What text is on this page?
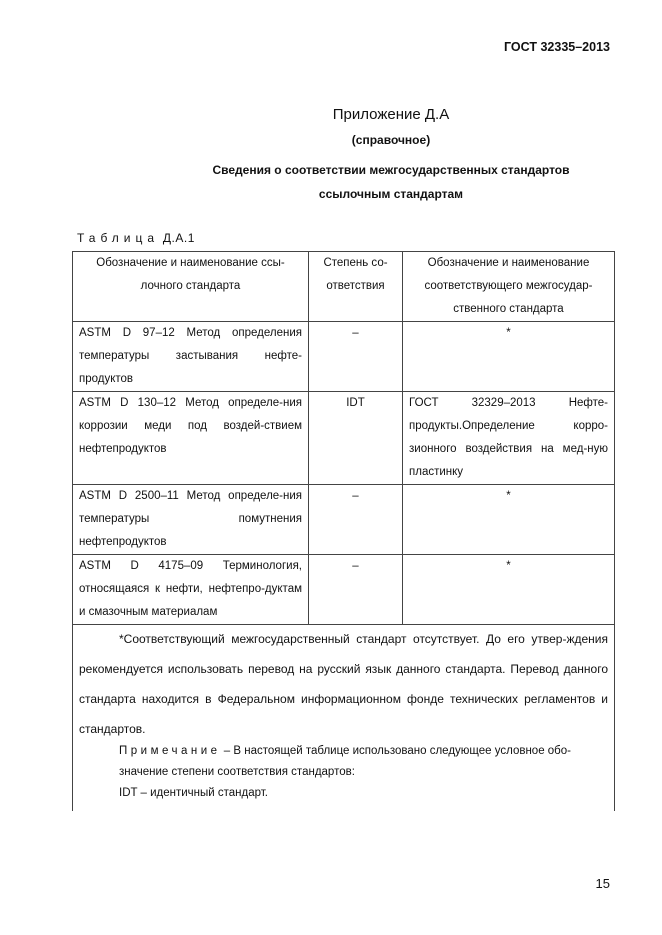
ГОСТ 32335–2013
Приложение Д.А
(справочное)
Сведения о соответствии межгосударственных стандартов
ссылочным стандартам
Таблица Д.А.1
Обозначение и наименование ссы-лочного стандарта	Степень со-ответствия	Обозначение и наименование соответствующего межгосудар-ственного стандарта
ASTM D 97–12 Метод определения температуры застывания нефте-продуктов	–	*
ASTM D 130–12 Метод определе-ния коррозии меди под воздей-ствием нефтепродуктов	IDT	ГОСТ 32329–2013 Нефте-продукты.Определение корро-зионного воздействия на мед-ную пластинку
ASTM D 2500–11 Метод определе-ния температуры помутнения нефтепродуктов	–	*
ASTM D 4175–09 Терминология, относящаяся к нефти, нефтепро-дуктам и смазочным материалам	–	*
*Соответствующий межгосударственный стандарт отсутствует. До его утвер-ждения рекомендуется использовать перевод на русский язык данного стандарта. Перевод данного стандарта находится в Федеральном информационном фонде технических регламентов и стандартов.
Примечание – В настоящей таблице использовано следующее условное обо-значение степени соответствия стандартов:
IDT – идентичный стандарт.
15
